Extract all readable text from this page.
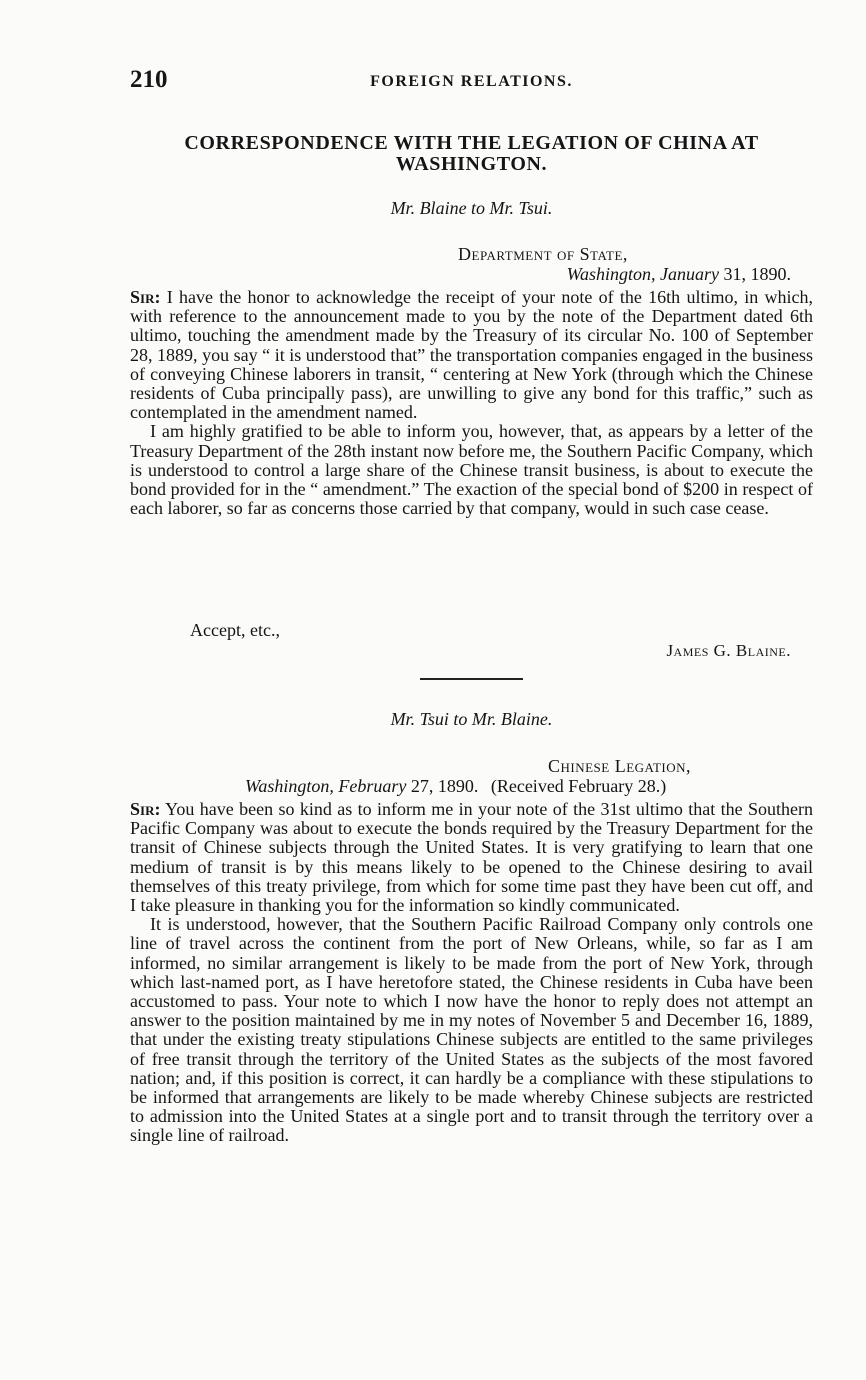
210	FOREIGN RELATIONS.
CORRESPONDENCE WITH THE LEGATION OF CHINA AT
WASHINGTON.
Mr. Blaine to Mr. Tsui.
Department of State,
Washington, January 31, 1890.

Sir: I have the honor to acknowledge the receipt of your note of the 16th ultimo, in which, with reference to the announcement made to you by the note of the Department dated 6th ultimo, touching the amendment made by the Treasury of its circular No. 100 of September 28, 1889, you say “ it is understood that” the transportation companies engaged in the business of conveying Chinese laborers in transit, “ centering at New York (through which the Chinese residents of Cuba principally pass), are unwilling to give any bond for this traffic,” such as contemplated in the amendment named.

I am highly gratified to be able to inform you, however, that, as appears by a letter of the Treasury Department of the 28th instant now before me, the Southern Pacific Company, which is understood to control a large share of the Chinese transit business, is about to execute the bond provided for in the “ amendment.” The exaction of the special bond of $200 in respect of each laborer, so far as concerns those carried by that company, would in such case cease.

Accept, etc.,
James G. Blaine.
Mr. Tsui to Mr. Blaine.
Chinese Legation,
Washington, February 27, 1890. (Received February 28.)

Sir: You have been so kind as to inform me in your note of the 31st ultimo that the Southern Pacific Company was about to execute the bonds required by the Treasury Department for the transit of Chinese subjects through the United States. It is very gratifying to learn that one medium of transit is by this means likely to be opened to the Chinese desiring to avail themselves of this treaty privilege, from which for some time past they have been cut off, and I take pleasure in thanking you for the information so kindly communicated.

It is understood, however, that the Southern Pacific Railroad Company only controls one line of travel across the continent from the port of New Orleans, while, so far as I am informed, no similar arrangement is likely to be made from the port of New York, through which last-named port, as I have heretofore stated, the Chinese residents in Cuba have been accustomed to pass. Your note to which I now have the honor to reply does not attempt an answer to the position maintained by me in my notes of November 5 and December 16, 1889, that under the existing treaty stipulations Chinese subjects are entitled to the same privileges of free transit through the territory of the United States as the subjects of the most favored nation; and, if this position is correct, it can hardly be a compliance with these stipulations to be informed that arrangements are likely to be made whereby Chinese subjects are restricted to admission into the United States at a single port and to transit through the territory over a single line of railroad.
